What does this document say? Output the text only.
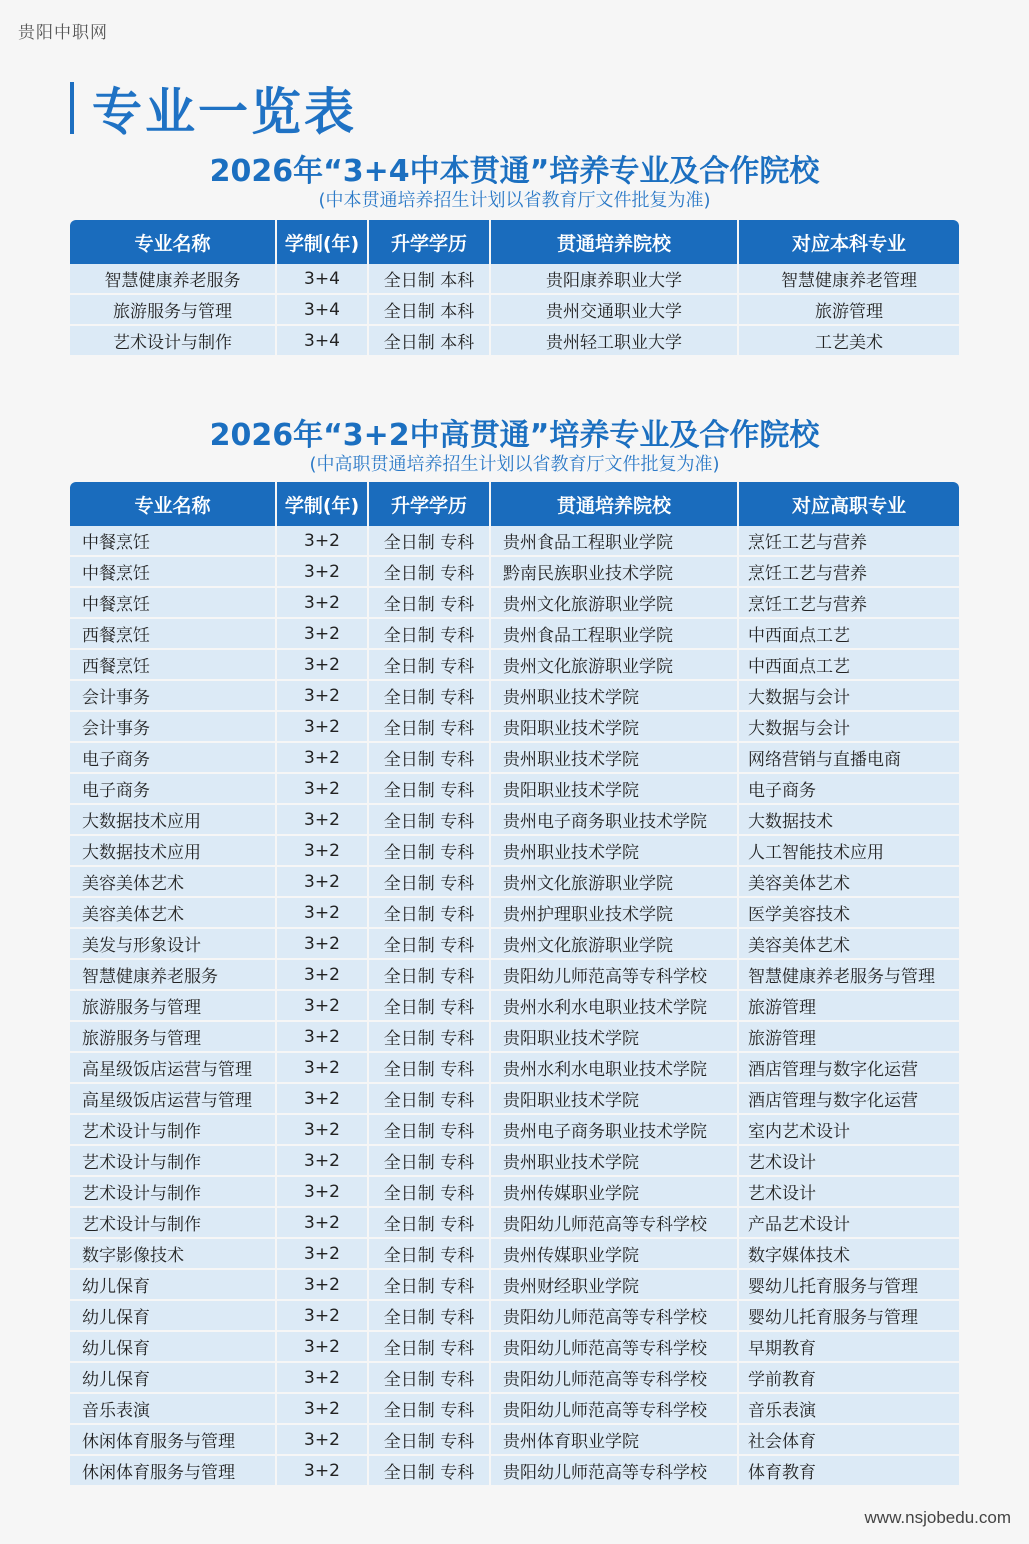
贵阳中职网
专业一览表
2026年“3+4中本贯通”培养专业及合作院校
(中本贯通培养招生计划以省教育厅文件批复为准)
专业名称	学制(年)	升学学历	贯通培养院校	对应本科专业
智慧健康养老服务	3+4	全日制 本科	贵阳康养职业大学	智慧健康养老管理
旅游服务与管理	3+4	全日制 本科	贵州交通职业大学	旅游管理
艺术设计与制作	3+4	全日制 本科	贵州轻工职业大学	工艺美术
2026年“3+2中高贯通”培养专业及合作院校
(中高职贯通培养招生计划以省教育厅文件批复为准)
专业名称	学制(年)	升学学历	贯通培养院校	对应高职专业
中餐烹饪	3+2	全日制 专科	贵州食品工程职业学院	烹饪工艺与营养
中餐烹饪	3+2	全日制 专科	黔南民族职业技术学院	烹饪工艺与营养
中餐烹饪	3+2	全日制 专科	贵州文化旅游职业学院	烹饪工艺与营养
西餐烹饪	3+2	全日制 专科	贵州食品工程职业学院	中西面点工艺
西餐烹饪	3+2	全日制 专科	贵州文化旅游职业学院	中西面点工艺
会计事务	3+2	全日制 专科	贵州职业技术学院	大数据与会计
会计事务	3+2	全日制 专科	贵阳职业技术学院	大数据与会计
电子商务	3+2	全日制 专科	贵州职业技术学院	网络营销与直播电商
电子商务	3+2	全日制 专科	贵阳职业技术学院	电子商务
大数据技术应用	3+2	全日制 专科	贵州电子商务职业技术学院	大数据技术
大数据技术应用	3+2	全日制 专科	贵州职业技术学院	人工智能技术应用
美容美体艺术	3+2	全日制 专科	贵州文化旅游职业学院	美容美体艺术
美容美体艺术	3+2	全日制 专科	贵州护理职业技术学院	医学美容技术
美发与形象设计	3+2	全日制 专科	贵州文化旅游职业学院	美容美体艺术
智慧健康养老服务	3+2	全日制 专科	贵阳幼儿师范高等专科学校	智慧健康养老服务与管理
旅游服务与管理	3+2	全日制 专科	贵州水利水电职业技术学院	旅游管理
旅游服务与管理	3+2	全日制 专科	贵阳职业技术学院	旅游管理
高星级饭店运营与管理	3+2	全日制 专科	贵州水利水电职业技术学院	酒店管理与数字化运营
高星级饭店运营与管理	3+2	全日制 专科	贵阳职业技术学院	酒店管理与数字化运营
艺术设计与制作	3+2	全日制 专科	贵州电子商务职业技术学院	室内艺术设计
艺术设计与制作	3+2	全日制 专科	贵州职业技术学院	艺术设计
艺术设计与制作	3+2	全日制 专科	贵州传媒职业学院	艺术设计
艺术设计与制作	3+2	全日制 专科	贵阳幼儿师范高等专科学校	产品艺术设计
数字影像技术	3+2	全日制 专科	贵州传媒职业学院	数字媒体技术
幼儿保育	3+2	全日制 专科	贵州财经职业学院	婴幼儿托育服务与管理
幼儿保育	3+2	全日制 专科	贵阳幼儿师范高等专科学校	婴幼儿托育服务与管理
幼儿保育	3+2	全日制 专科	贵阳幼儿师范高等专科学校	早期教育
幼儿保育	3+2	全日制 专科	贵阳幼儿师范高等专科学校	学前教育
音乐表演	3+2	全日制 专科	贵阳幼儿师范高等专科学校	音乐表演
休闲体育服务与管理	3+2	全日制 专科	贵州体育职业学院	社会体育
休闲体育服务与管理	3+2	全日制 专科	贵阳幼儿师范高等专科学校	体育教育
www.nsjobedu.com
